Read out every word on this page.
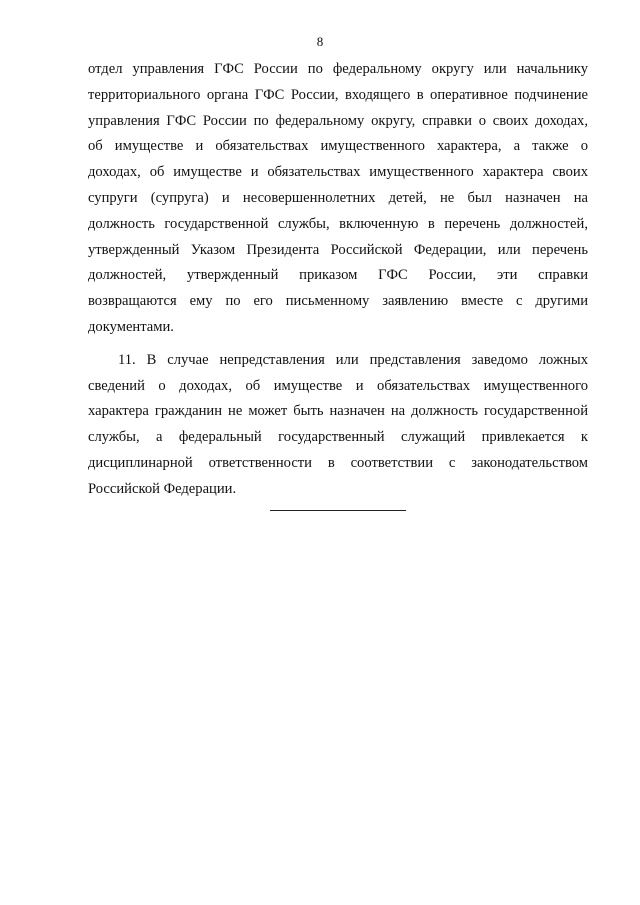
8
отдел управления ГФС России по федеральному округу или начальнику
территориального органа ГФС России, входящего в оперативное подчинение
управления ГФС России по федеральному округу, справки о своих доходах,
об имуществе и обязательствах имущественного характера, а также о
доходах, об имуществе и обязательствах имущественного характера своих
супруги (супруга) и несовершеннолетних детей, не был назначен на
должность государственной службы, включенную в перечень должностей,
утвержденный Указом Президента Российской Федерации, или перечень
должностей, утвержденный приказом ГФС России, эти справки
возвращаются ему по его письменному заявлению вместе с другими
документами.
11. В случае непредставления или представления заведомо ложных
сведений о доходах, об имуществе и обязательствах имущественного
характера гражданин не может быть назначен на должность государственной
службы, а федеральный государственный служащий привлекается к
дисциплинарной ответственности в соответствии с законодательством
Российской Федерации.
